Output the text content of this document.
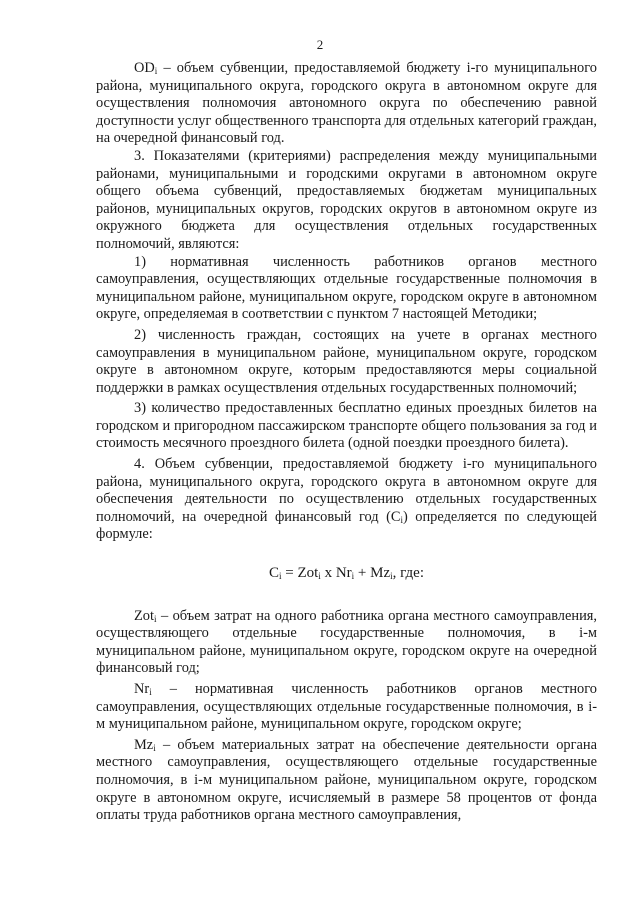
2

$OD_i$ – объем субвенции, предоставляемой бюджету i-го муниципального района, муниципального округа, городского округа в автономном округе для осуществления полномочия автономного округа по обеспечению равной доступности услуг общественного транспорта для отдельных категорий граждан, на очередной финансовый год.

3. Показателями (критериями) распределения между муниципальными районами, муниципальными и городскими округами в автономном округе общего объема субвенций, предоставляемых бюджетам муниципальных районов, муниципальных округов, городских округов в автономном округе из окружного бюджета для осуществления отдельных государственных полномочий, являются:

1) нормативная численность работников органов местного самоуправления, осуществляющих отдельные государственные полномочия в муниципальном районе, муниципальном округе, городском округе в автономном округе, определяемая в соответствии с пунктом 7 настоящей Методики;

2) численность граждан, состоящих на учете в органах местного самоуправления в муниципальном районе, муниципальном округе, городском округе в автономном округе, которым предоставляются меры социальной поддержки в рамках осуществления отдельных государственных полномочий;

3) количество предоставленных бесплатно единых проездных билетов на городском и пригородном пассажирском транспорте общего пользования за год и стоимость месячного проездного билета (одной поездки проездного билета).

4. Объем субвенции, предоставляемой бюджету i-го муниципального района, муниципального округа, городского округа в автономном округе для обеспечения деятельности по осуществлению отдельных государственных полномочий, на очередной финансовый год $(C_i)$ определяется по следующей формуле:

$C_i = Zot_i$ x $Nr_i + Mz_i$, где:

Zot$_i$ – объем затрат на одного работника органа местного самоуправления, осуществляющего отдельные государственные полномочия, в i-м муниципальном районе, муниципальном округе, городском округе на очередной финансовый год;

$Nr_i$ – нормативная численность работников органов местного самоуправления, осуществляющих отдельные государственные полномочия, в i-м муниципальном районе, муниципальном округе, городском округе;

$Mz_i$ – объем материальных затрат на обеспечение деятельности органа местного самоуправления, осуществляющего отдельные государственные полномочия, в i-м муниципальном районе, муниципальном округе, городском округе в автономном округе, исчисляемый в размере 58 процентов от фонда оплаты труда работников органа местного самоуправления,
